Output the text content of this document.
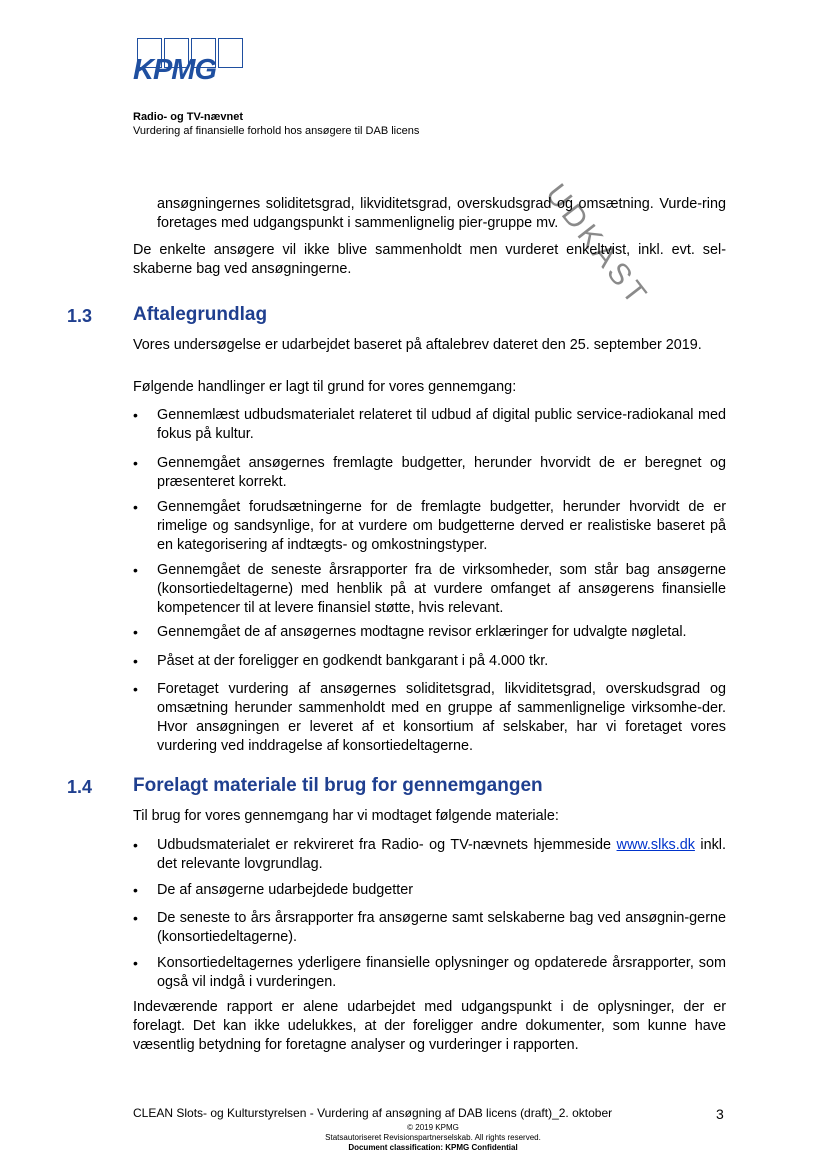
KPMG
Radio- og TV-nævnet
Vurdering af finansielle forhold hos ansøgere til DAB licens
UDKAST
ansøgningernes soliditetsgrad, likviditetsgrad, overskudsgrad og omsætning. Vurde-ring foretages med udgangspunkt i sammenlignelig pier-gruppe mv.
De enkelte ansøgere vil ikke blive sammenholdt men vurderet enkeltvist, inkl. evt. sel-skaberne bag ved ansøgningerne.
1.3 Aftalegrundlag
Vores undersøgelse er udarbejdet baseret på aftalebrev dateret den 25. september 2019.
Følgende handlinger er lagt til grund for vores gennemgang:
• Gennemlæst udbudsmaterialet relateret til udbud af digital public service-radiokanal med fokus på kultur.
• Gennemgået ansøgernes fremlagte budgetter, herunder hvorvidt de er beregnet og præsenteret korrekt.
• Gennemgået forudsætningerne for de fremlagte budgetter, herunder hvorvidt de er rimelige og sandsynlige, for at vurdere om budgetterne derved er realistiske baseret på en kategorisering af indtægts- og omkostningstyper.
• Gennemgået de seneste årsrapporter fra de virksomheder, som står bag ansøgerne (konsortiedeltagerne) med henblik på at vurdere omfanget af ansøgerens finansielle kompetencer til at levere finansiel støtte, hvis relevant.
• Gennemgået de af ansøgernes modtagne revisor erklæringer for udvalgte nøgletal.
• Påset at der foreligger en godkendt bankgarant i på 4.000 tkr.
• Foretaget vurdering af ansøgernes soliditetsgrad, likviditetsgrad, overskudsgrad og omsætning herunder sammenholdt med en gruppe af sammenlignelige virksomhe-der. Hvor ansøgningen er leveret af et konsortium af selskaber, har vi foretaget vores vurdering ved inddragelse af konsortiedeltagerne.
1.4 Forelagt materiale til brug for gennemgangen
Til brug for vores gennemgang har vi modtaget følgende materiale:
• Udbudsmaterialet er rekvireret fra Radio- og TV-nævnets hjemmeside www.slks.dk inkl. det relevante lovgrundlag.
• De af ansøgerne udarbejdede budgetter
• De seneste to års årsrapporter fra ansøgerne samt selskaberne bag ved ansøgnin-gerne (konsortiedeltagerne).
• Konsortiedeltagernes yderligere finansielle oplysninger og opdaterede årsrapporter, som også vil indgå i vurderingen.
Indeværende rapport er alene udarbejdet med udgangspunkt i de oplysninger, der er forelagt. Det kan ikke udelukkes, at der foreligger andre dokumenter, som kunne have væsentlig betydning for foretagne analyser og vurderinger i rapporten.
CLEAN Slots- og Kulturstyrelsen - Vurdering af ansøgning af DAB licens (draft)_2. oktober	3
© 2019 KPMG
Statsautoriseret Revisionspartnerselskab. All rights reserved.
Document classification: KPMG Confidential
